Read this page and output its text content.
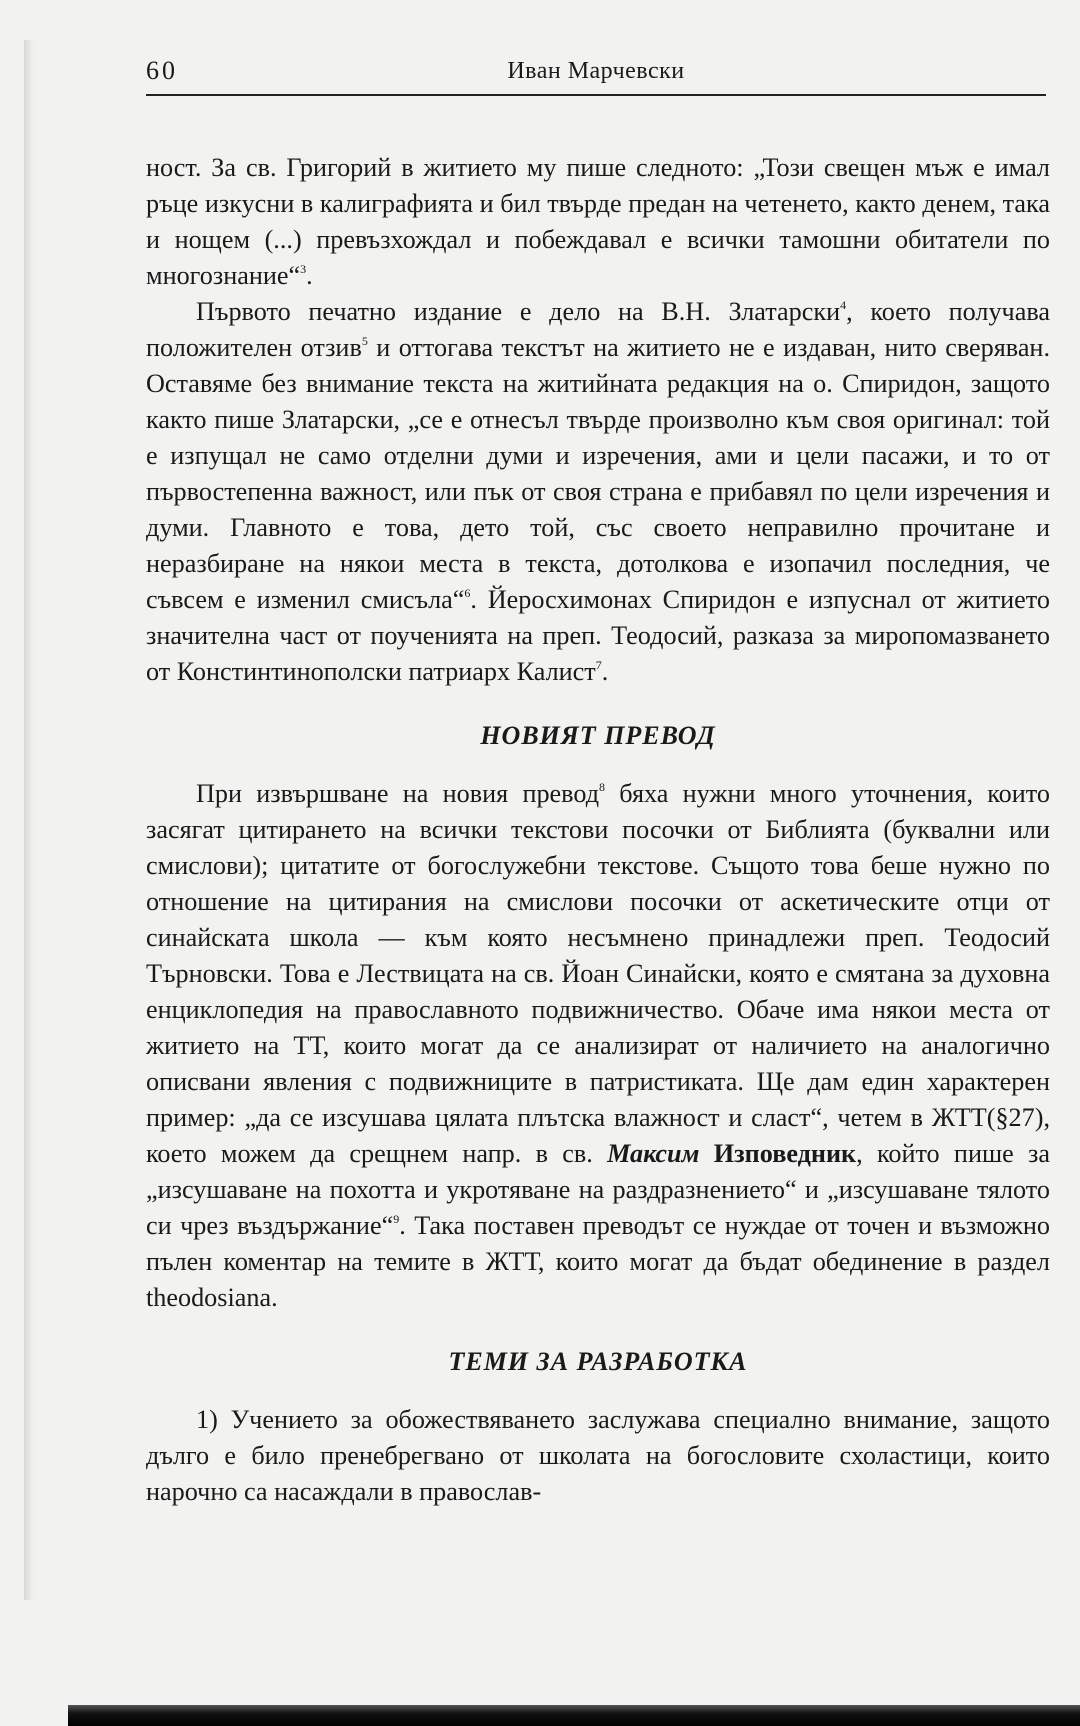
60	Иван Марчевски

ност. За св. Григорий в житието му пише следното: „Този свещен мъж е имал ръце изкусни в калиграфията и бил твърде предан на четенето, както денем, така и нощем (...) превъзхождал и побеждавал е всички тамошни обитатели по многознание“$^3$.

Първото печатно издание е дело на В.Н. Златарски$^4$, което получава положителен отзив$^5$ и оттогава текстът на житието не е издаван, нито сверяван. Оставяме без внимание текста на житийната редакция на о. Спиридон, защото както пише Златарски, „се е отнесъл твърде произволно към своя оригинал: той е изпущал не само отделни думи и изречения, ами и цели пасажи, и то от първостепенна важност, или пък от своя страна е прибавял по цели изречения и думи. Главното е това, дето той, със своето неправилно прочитане и неразбиране на някои места в текста, дотолкова е изопачил последния, че съвсем е изменил смисъла“$^6$. Йеросхимонах Спиридон е изпуснал от житието значителна част от поученията на преп. Теодосий, разказа за миропомазването от Констинтинополски патриарх Калист$^7$.

НОВИЯТ ПРЕВОД

При извършване на новия превод$^8$ бяха нужни много уточнения, които засягат цитирането на всички текстови посочки от Библията (буквални или смислови); цитатите от богослужебни текстове. Същото това беше нужно по отношение на цитирания на смислови посочки от аскетическите отци от синайската школа — към която несъмнено принадлежи преп. Теодосий Търновски. Това е Лествицата на св. Йоан Синайски, която е смятана за духовна енциклопедия на православното подвижничество. Обаче има някои места от житието на ТТ, които могат да се анализират от наличието на аналогично описвани явления с подвижниците в патристиката. Ще дам един характерен пример: „да се изсушава цялата плътска влажност и сласт“, четем в ЖТТ(§27), което можем да срещнем напр. в св. Максим Изповедник, който пише за „изсушаване на похотта и укротяване на раздразнението“ и „изсушаване тялото си чрез въздържание“$^9$. Така поставен преводът се нуждае от точен и възможно пълен коментар на темите в ЖТТ, които могат да бъдат обединение в раздел theodosiana.

ТЕМИ ЗА РАЗРАБОТКА

1) Учението за обожествяването заслужава специално внимание, защото дълго е било пренебрегвано от школата на богословите схоластици, които нарочно са насаждали в православ-
